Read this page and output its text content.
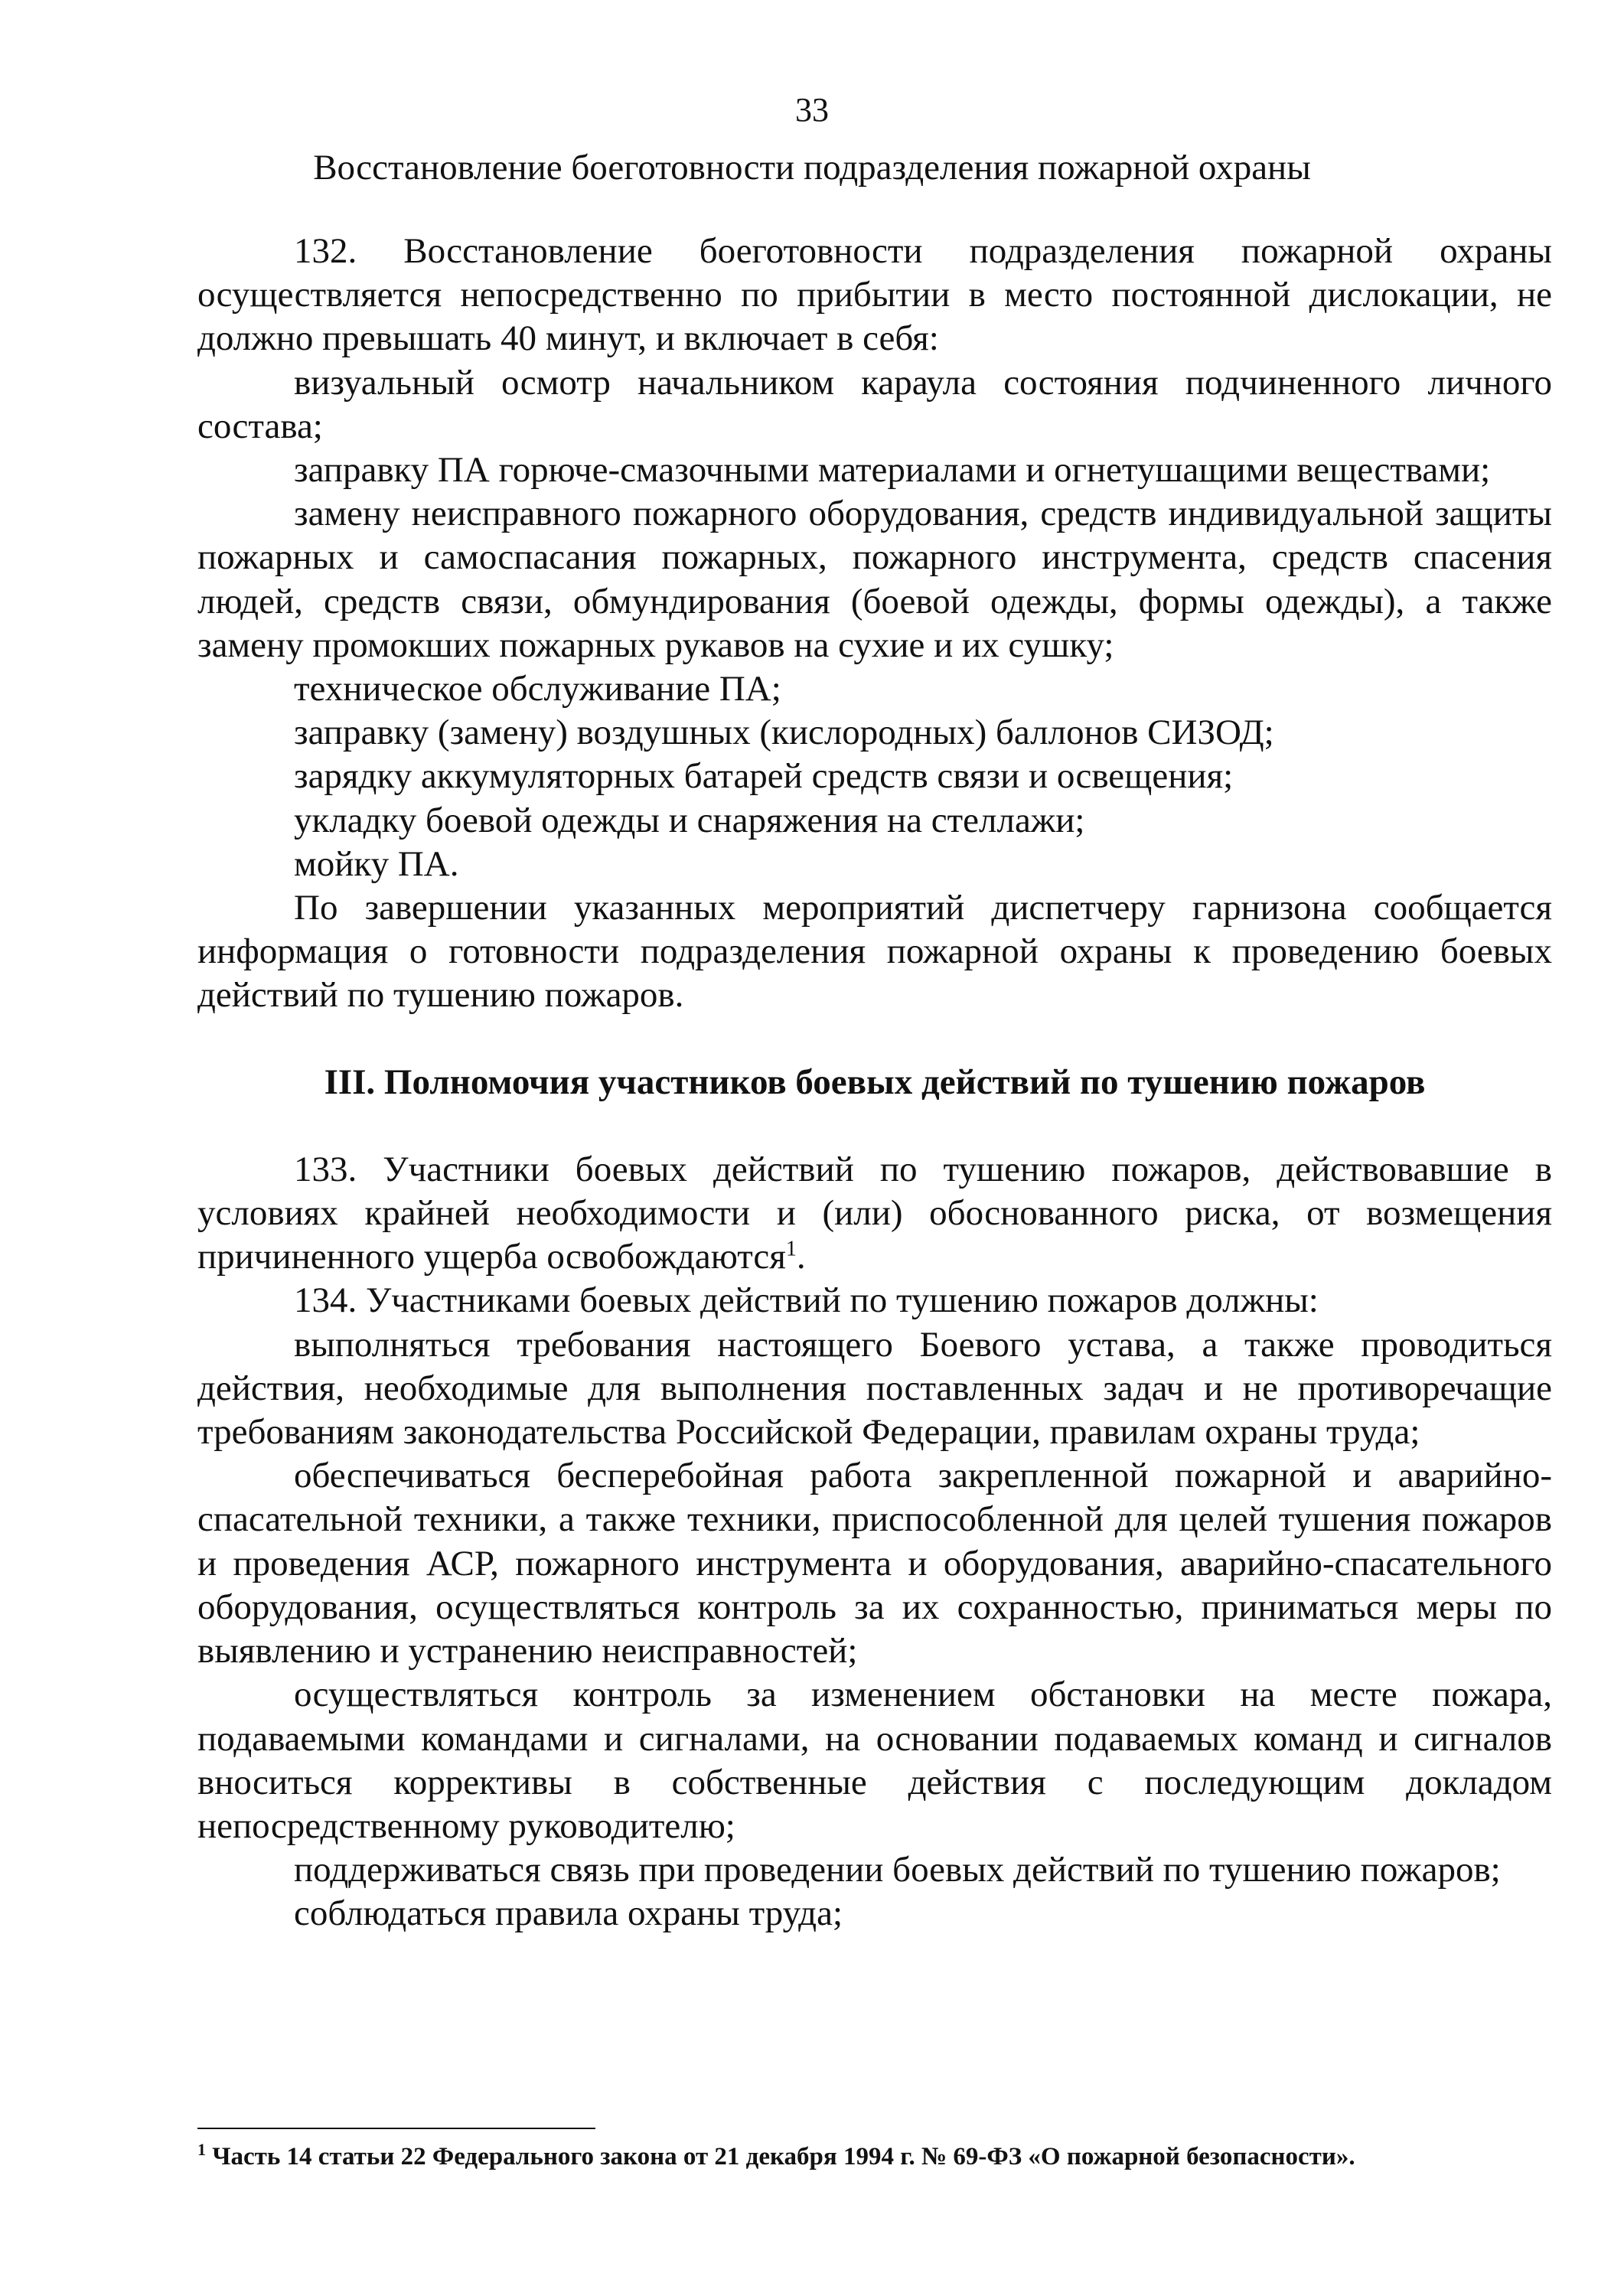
33
Восстановление боеготовности подразделения пожарной охраны

132. Восстановление боеготовности подразделения пожарной охраны осуществляется непосредственно по прибытии в место постоянной дислокации, не должно превышать 40 минут, и включает в себя:

визуальный осмотр начальником караула состояния подчиненного личного состава;

заправку ПА горюче-смазочными материалами и огнетушащими веществами;

замену неисправного пожарного оборудования, средств индивидуальной защиты пожарных и самоспасания пожарных, пожарного инструмента, средств спасения людей, средств связи, обмундирования (боевой одежды, формы одежды), а также замену промокших пожарных рукавов на сухие и их сушку;

техническое обслуживание ПА;

заправку (замену) воздушных (кислородных) баллонов СИЗОД;

зарядку аккумуляторных батарей средств связи и освещения;

укладку боевой одежды и снаряжения на стеллажи;

мойку ПА.

По завершении указанных мероприятий диспетчеру гарнизона сообщается информация о готовности подразделения пожарной охраны к проведению боевых действий по тушению пожаров.

III. Полномочия участников боевых действий по тушению пожаров

133. Участники боевых действий по тушению пожаров, действовавшие в условиях крайней необходимости и (или) обоснованного риска, от возмещения причиненного ущерба освобождаются$^1$.

134. Участниками боевых действий по тушению пожаров должны:

выполняться требования настоящего Боевого устава, а также проводиться действия, необходимые для выполнения поставленных задач и не противоречащие требованиям законодательства Российской Федерации, правилам охраны труда;

обеспечиваться бесперебойная работа закрепленной пожарной и аварийно-спасательной техники, а также техники, приспособленной для целей тушения пожаров и проведения АСР, пожарного инструмента и оборудования, аварийно-спасательного оборудования, осуществляться контроль за их сохранностью, приниматься меры по выявлению и устранению неисправностей;

осуществляться контроль за изменением обстановки на месте пожара, подаваемыми командами и сигналами, на основании подаваемых команд и сигналов вноситься коррективы в собственные действия с последующим докладом непосредственному руководителю;

поддерживаться связь при проведении боевых действий по тушению пожаров;

соблюдаться правила охраны труда;

$^1$ Часть 14 статьи 22 Федерального закона от 21 декабря 1994 г. № 69-ФЗ «О пожарной безопасности».
